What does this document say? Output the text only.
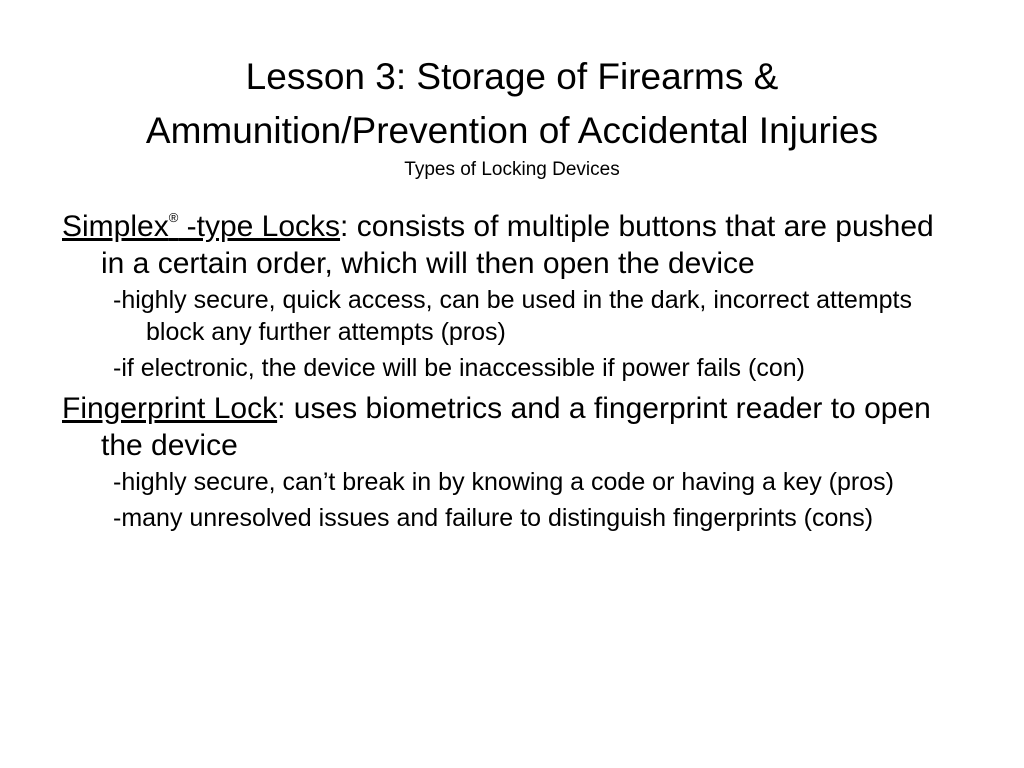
Lesson 3: Storage of Firearms &
Ammunition/Prevention of Accidental Injuries
Types of Locking Devices
Simplex® -type Locks: consists of multiple buttons that are pushed in a certain order, which will then open the device
-highly secure, quick access, can be used in the dark, incorrect attempts block any further attempts (pros)
-if electronic, the device will be inaccessible if power fails (con)
Fingerprint Lock: uses biometrics and a fingerprint reader to open the device
-highly secure, can’t break in by knowing a code or having a key (pros)
-many unresolved issues and failure to distinguish fingerprints (cons)
